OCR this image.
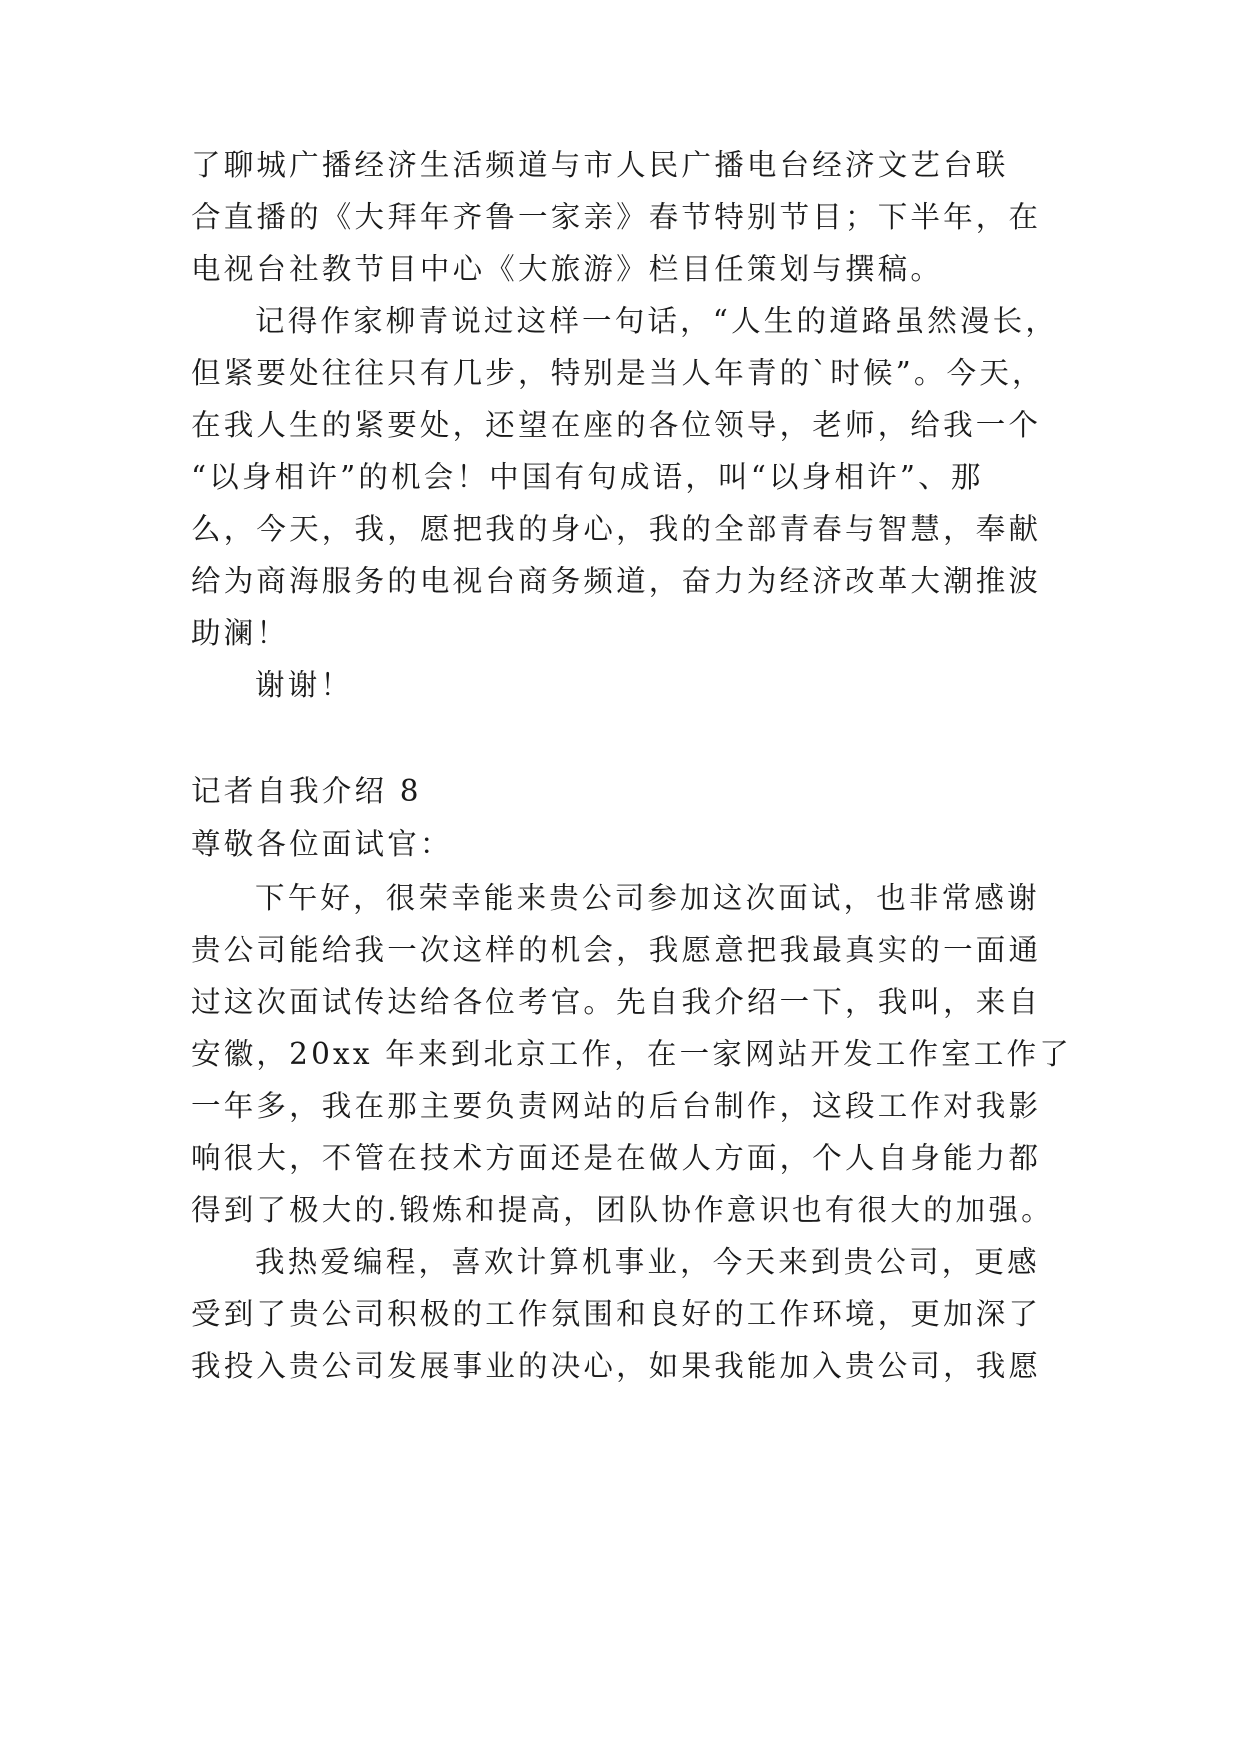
了聊城广播经济生活频道与市人民广播电台经济文艺台联
合直播的《大拜年齐鲁一家亲》春节特别节目；下半年，在
电视台社教节目中心《大旅游》栏目任策划与撰稿。
记得作家柳青说过这样一句话，“人生的道路虽然漫长，
但紧要处往往只有几步，特别是当人年青的`时候”。今天，
在我人生的紧要处，还望在座的各位领导，老师，给我一个
“以身相许”的机会！中国有句成语，叫“以身相许”、那
么，今天，我，愿把我的身心，我的全部青春与智慧，奉献
给为商海服务的电视台商务频道，奋力为经济改革大潮推波
助澜！
谢谢！
记者自我介绍 8
尊敬各位面试官：
下午好，很荣幸能来贵公司参加这次面试，也非常感谢
贵公司能给我一次这样的机会，我愿意把我最真实的一面通
过这次面试传达给各位考官。先自我介绍一下，我叫，来自
安徽，20xx 年来到北京工作，在一家网站开发工作室工作了
一年多，我在那主要负责网站的后台制作，这段工作对我影
响很大，不管在技术方面还是在做人方面，个人自身能力都
得到了极大的.锻炼和提高，团队协作意识也有很大的加强。
我热爱编程，喜欢计算机事业，今天来到贵公司，更感
受到了贵公司积极的工作氛围和良好的工作环境，更加深了
我投入贵公司发展事业的决心，如果我能加入贵公司，我愿
